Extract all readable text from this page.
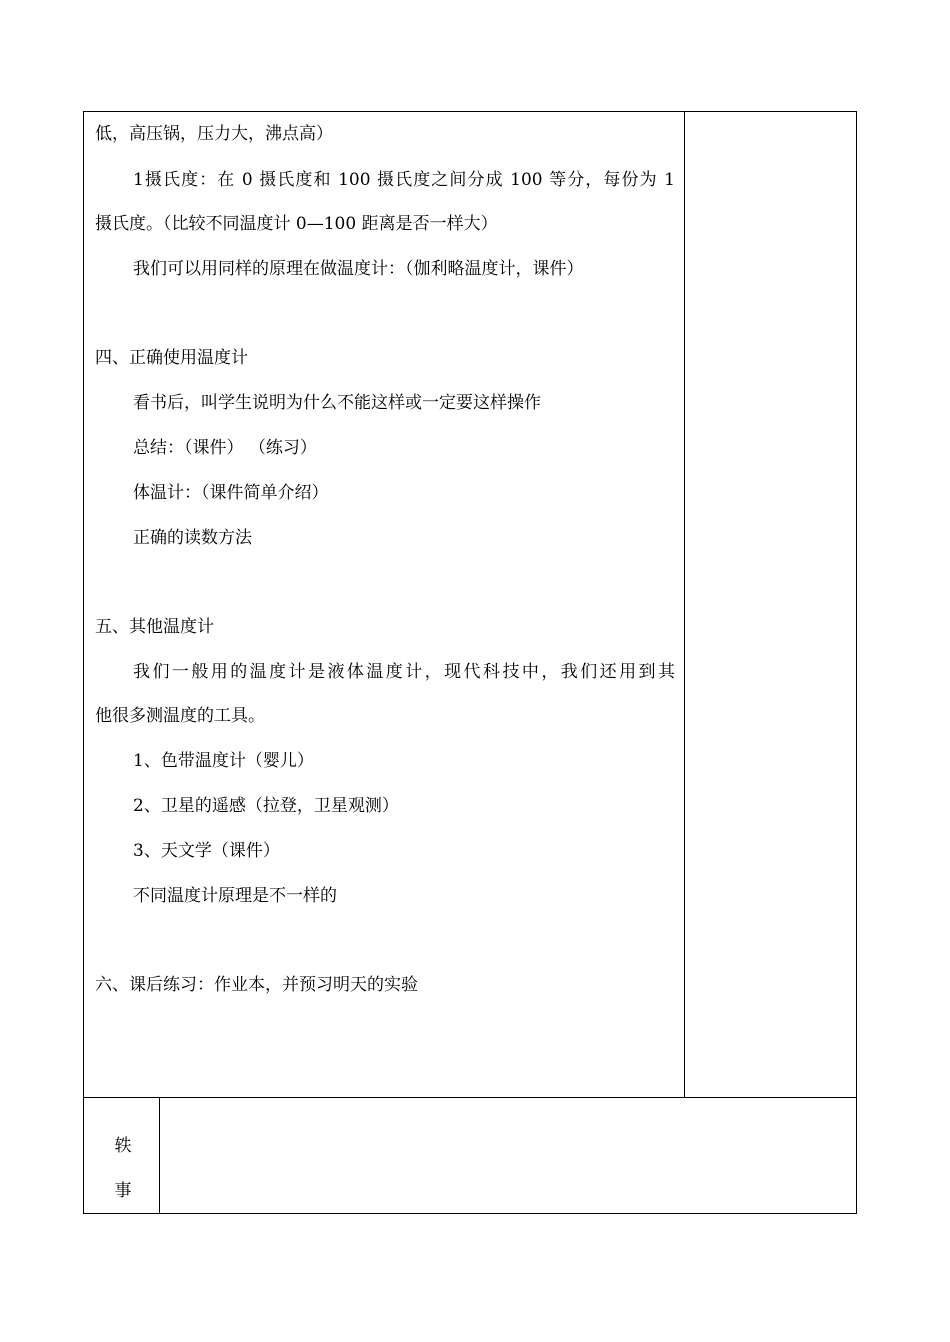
低，高压锅，压力大，沸点高）
1摄氏度：在 0 摄氏度和 100 摄氏度之间分成 100 等分，每份为 1
摄氏度。（比较不同温度计 0—100 距离是否一样大）
我们可以用同样的原理在做温度计：（伽利略温度计，课件）
四、正确使用温度计
看书后，叫学生说明为什么不能这样或一定要这样操作
总结：（课件） （练习）
体温计：（课件简单介绍）
正确的读数方法
五、其他温度计
我们一般用的温度计是液体温度计，现代科技中，我们还用到其
他很多测温度的工具。
1、色带温度计（婴儿）
2、卫星的遥感（拉登，卫星观测）
3、天文学（课件）
不同温度计原理是不一样的
六、课后练习：作业本，并预习明天的实验
轶
事
